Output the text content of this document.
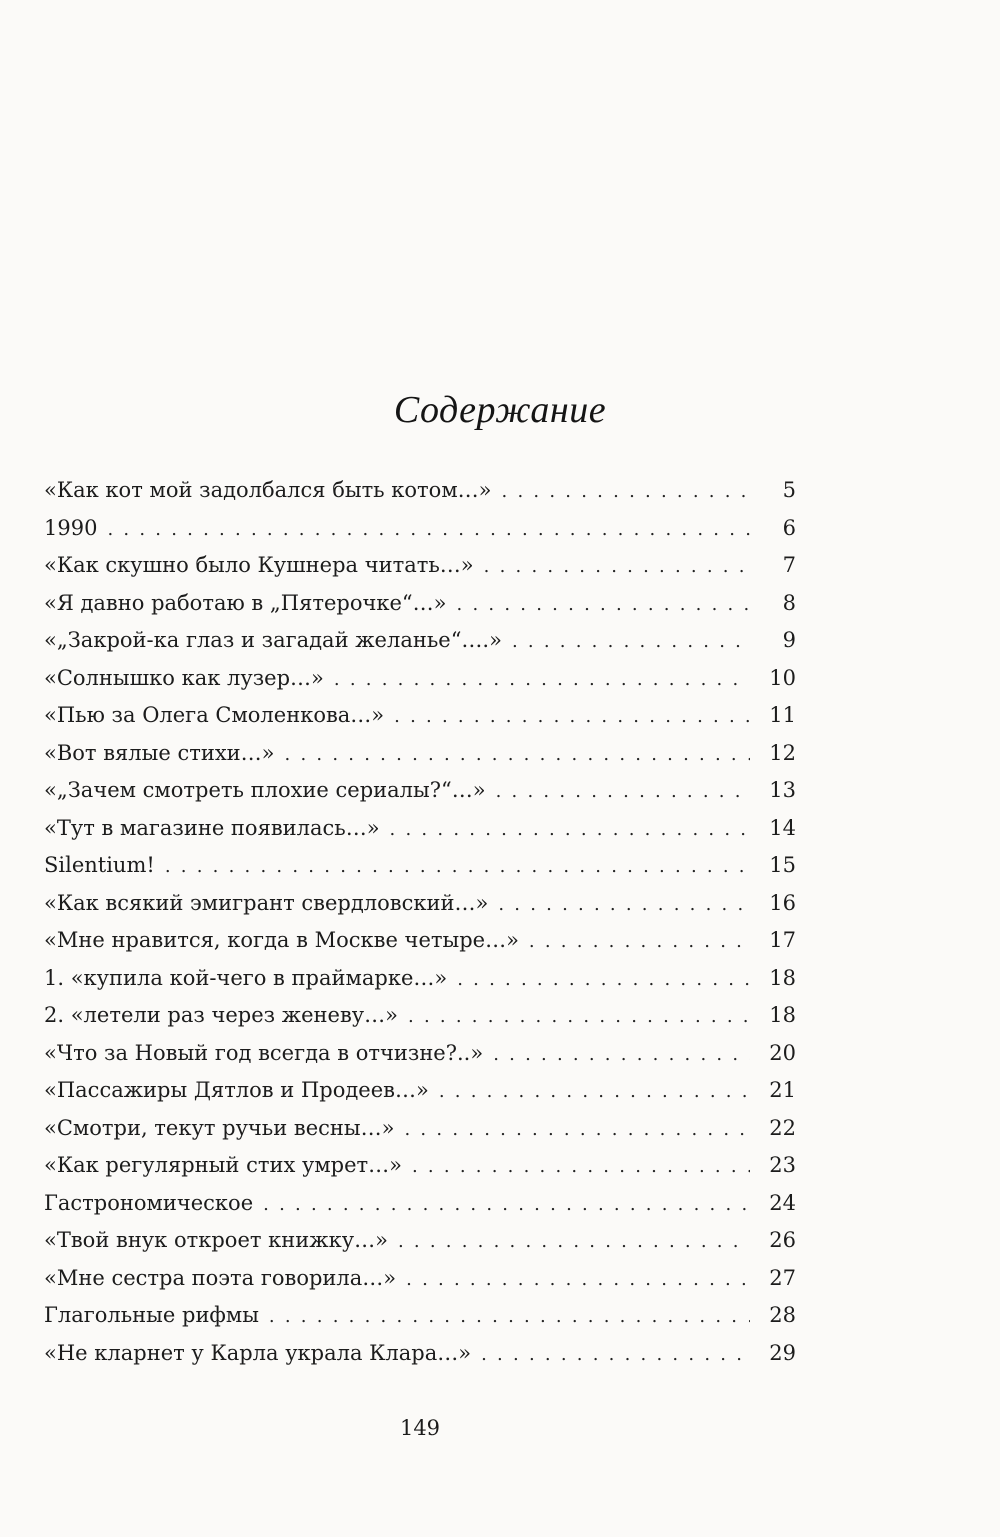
Содержание
«Как кот мой задолбался быть котом…» . . .	5
1990 . . .	6
«Как скушно было Кушнера читать…» . . .	7
«Я давно работаю в „Пятерочке“…» . . .	8
«„Закрой-ка глаз и загадай желанье“….» . . .	9
«Солнышко как лузер…» . . .	10
«Пью за Олега Смоленкова…» . . .	11
«Вот вялые стихи…» . . .	12
«„Зачем смотреть плохие сериалы?“…» . . .	13
«Тут в магазине появилась…» . . .	14
Silentium! . . .	15
«Как всякий эмигрант свердловский…» . . .	16
«Мне нравится, когда в Москве четыре…» . . .	17
1. «купила кой-чего в праймарке…» . . .	18
2. «летели раз через женеву…» . . .	18
«Что за Новый год всегда в отчизне?..» . . .	20
«Пассажиры Дятлов и Продеев…» . . .	21
«Смотри, текут ручьи весны…» . . .	22
«Как регулярный стих умрет…» . . .	23
Гастрономическое . . .	24
«Твой внук откроет книжку…» . . .	26
«Мне сестра поэта говорила…» . . .	27
Глагольные рифмы . . .	28
«Не кларнет у Карла украла Клара…» . . .	29
149
